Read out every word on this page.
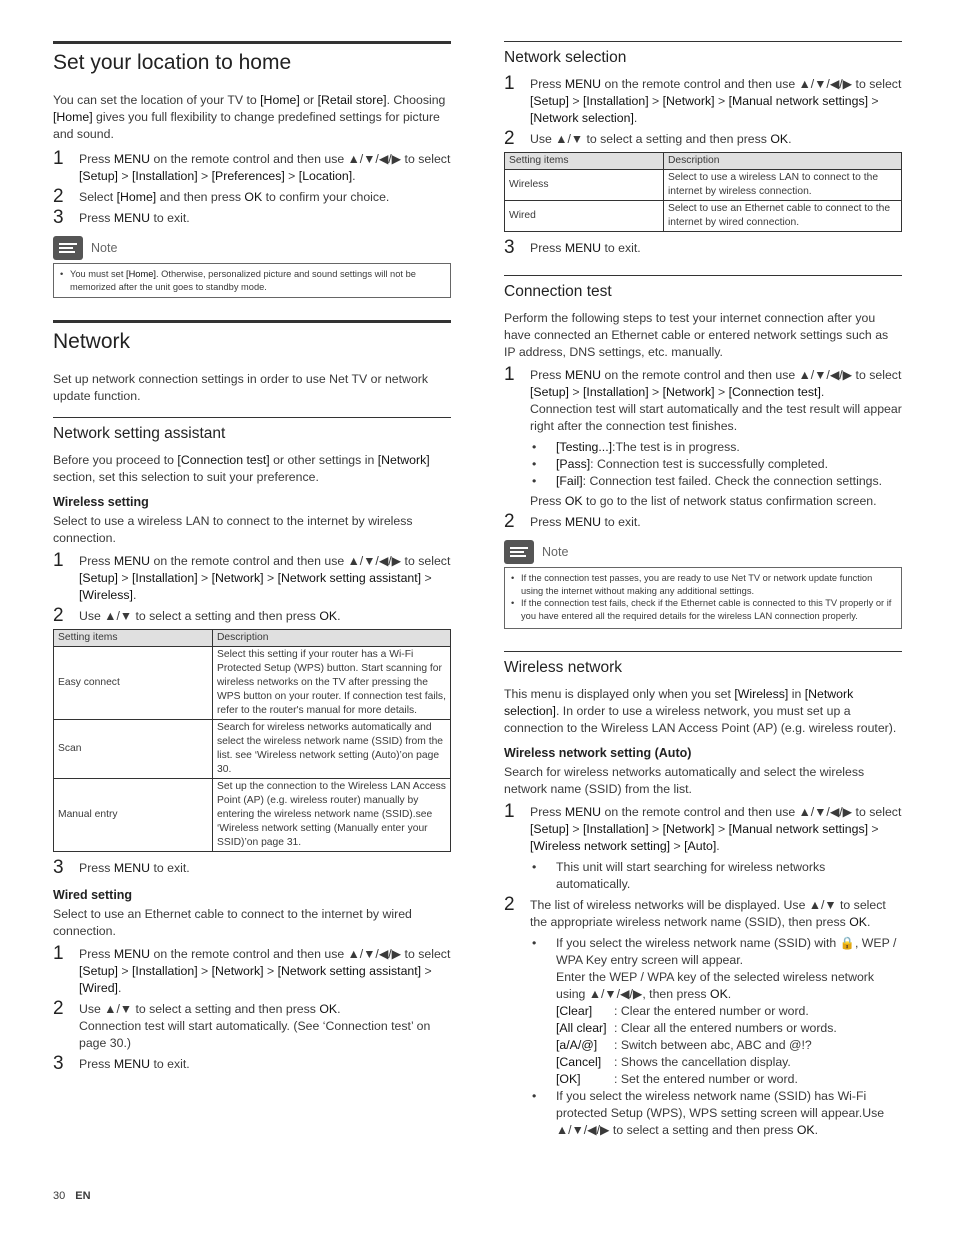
Set your location to home

You can set the location of your TV to [Home] or [Retail store]. Choosing [Home] gives you full flexibility to change predefined settings for picture and sound.

1 Press MENU on the remote control and then use ▲/▼/◀/▶ to select [Setup] > [Installation] > [Preferences] > [Location].
2 Select [Home] and then press OK to confirm your choice.
3 Press MENU to exit.
Note
• You must set [Home]. Otherwise, personalized picture and sound settings will not be memorized after the unit goes to standby mode.
Network

Set up network connection settings in order to use Net TV or network update function.

Network setting assistant

Before you proceed to [Connection test] or other settings in [Network] section, set this selection to suit your preference.

Wireless setting

Select to use a wireless LAN to connect to the internet by wireless connection.

1 Press MENU on the remote control and then use ▲/▼/◀/▶ to select [Setup] > [Installation] > [Network] > [Network setting assistant] > [Wireless].
2 Use ▲/▼ to select a setting and then press OK.
Setting items	Description
Easy connect	Select this setting if your router has a Wi-Fi Protected Setup (WPS) button. Start scanning for wireless networks on the TV after pressing the WPS button on your router. If connection test fails, refer to the router's manual for more details.
Scan	Search for wireless networks automatically and select the wireless network name (SSID) from the list. see ‘Wireless network setting (Auto)’on page 30.
Manual entry	Set up the connection to the Wireless LAN Access Point (AP) (e.g. wireless router) manually by entering the wireless network name (SSID).see ‘Wireless network setting (Manually enter your SSID)’on page 31.
3 Press MENU to exit.
Wired setting

Select to use an Ethernet cable to connect to the internet by wired connection.

1 Press MENU on the remote control and then use ▲/▼/◀/▶ to select [Setup] > [Installation] > [Network] > [Network setting assistant] > [Wired].
2 Use ▲/▼ to select a setting and then press OK.
Connection test will start automatically. (See ‘Connection test’ on page 30.)
3 Press MENU to exit.
Network selection
1 Press MENU on the remote control and then use ▲/▼/◀/▶ to select [Setup] > [Installation] > [Network] > [Manual network settings] > [Network selection].
2 Use ▲/▼ to select a setting and then press OK.
Setting items	Description
Wireless	Select to use a wireless LAN to connect to the internet by wireless connection.
Wired	Select to use an Ethernet cable to connect to the internet by wired connection.
3 Press MENU to exit.
Connection test

Perform the following steps to test your internet connection after you have connected an Ethernet cable or entered network settings such as IP address, DNS settings, etc. manually.

1 Press MENU on the remote control and then use ▲/▼/◀/▶ to select [Setup] > [Installation] > [Network] > [Connection test].
Connection test will start automatically and the test result will appear right after the connection test finishes.
• [Testing...]:The test is in progress.
• [Pass]: Connection test is successfully completed.
• [Fail]: Connection test failed. Check the connection settings.
Press OK to go to the list of network status confirmation screen.
2 Press MENU to exit.
Note
• If the connection test passes, you are ready to use Net TV or network update function using the internet without making any additional settings.
• If the connection test fails, check if the Ethernet cable is connected to this TV properly or if you have entered all the required details for the wireless LAN connection properly.
Wireless network

This menu is displayed only when you set [Wireless] in [Network selection]. In order to use a wireless network, you must set up a connection to the Wireless LAN Access Point (AP) (e.g. wireless router).

Wireless network setting (Auto)

Search for wireless networks automatically and select the wireless network name (SSID) from the list.

1 Press MENU on the remote control and then use ▲/▼/◀/▶ to select [Setup] > [Installation] > [Network] > [Manual network settings] > [Wireless network setting] > [Auto].
• This unit will start searching for wireless networks automatically.
2 The list of wireless networks will be displayed. Use ▲/▼ to select the appropriate wireless network name (SSID), then press OK.
• If you select the wireless network name (SSID) with 🔒, WEP / WPA Key entry screen will appear.
Enter the WEP / WPA key of the selected wireless network using ▲/▼/◀/▶, then press OK.
[Clear]	: Clear the entered number or word.
[All clear] : Clear all the entered numbers or words.
[a/A/@]	: Switch between abc, ABC and @!?
[Cancel]	: Shows the cancellation display.
[OK]	: Set the entered number or word.
• If you select the wireless network name (SSID) has Wi-Fi protected Setup (WPS), WPS setting screen will appear.Use ▲/▼/◀/▶ to select a setting and then press OK.
30 EN
